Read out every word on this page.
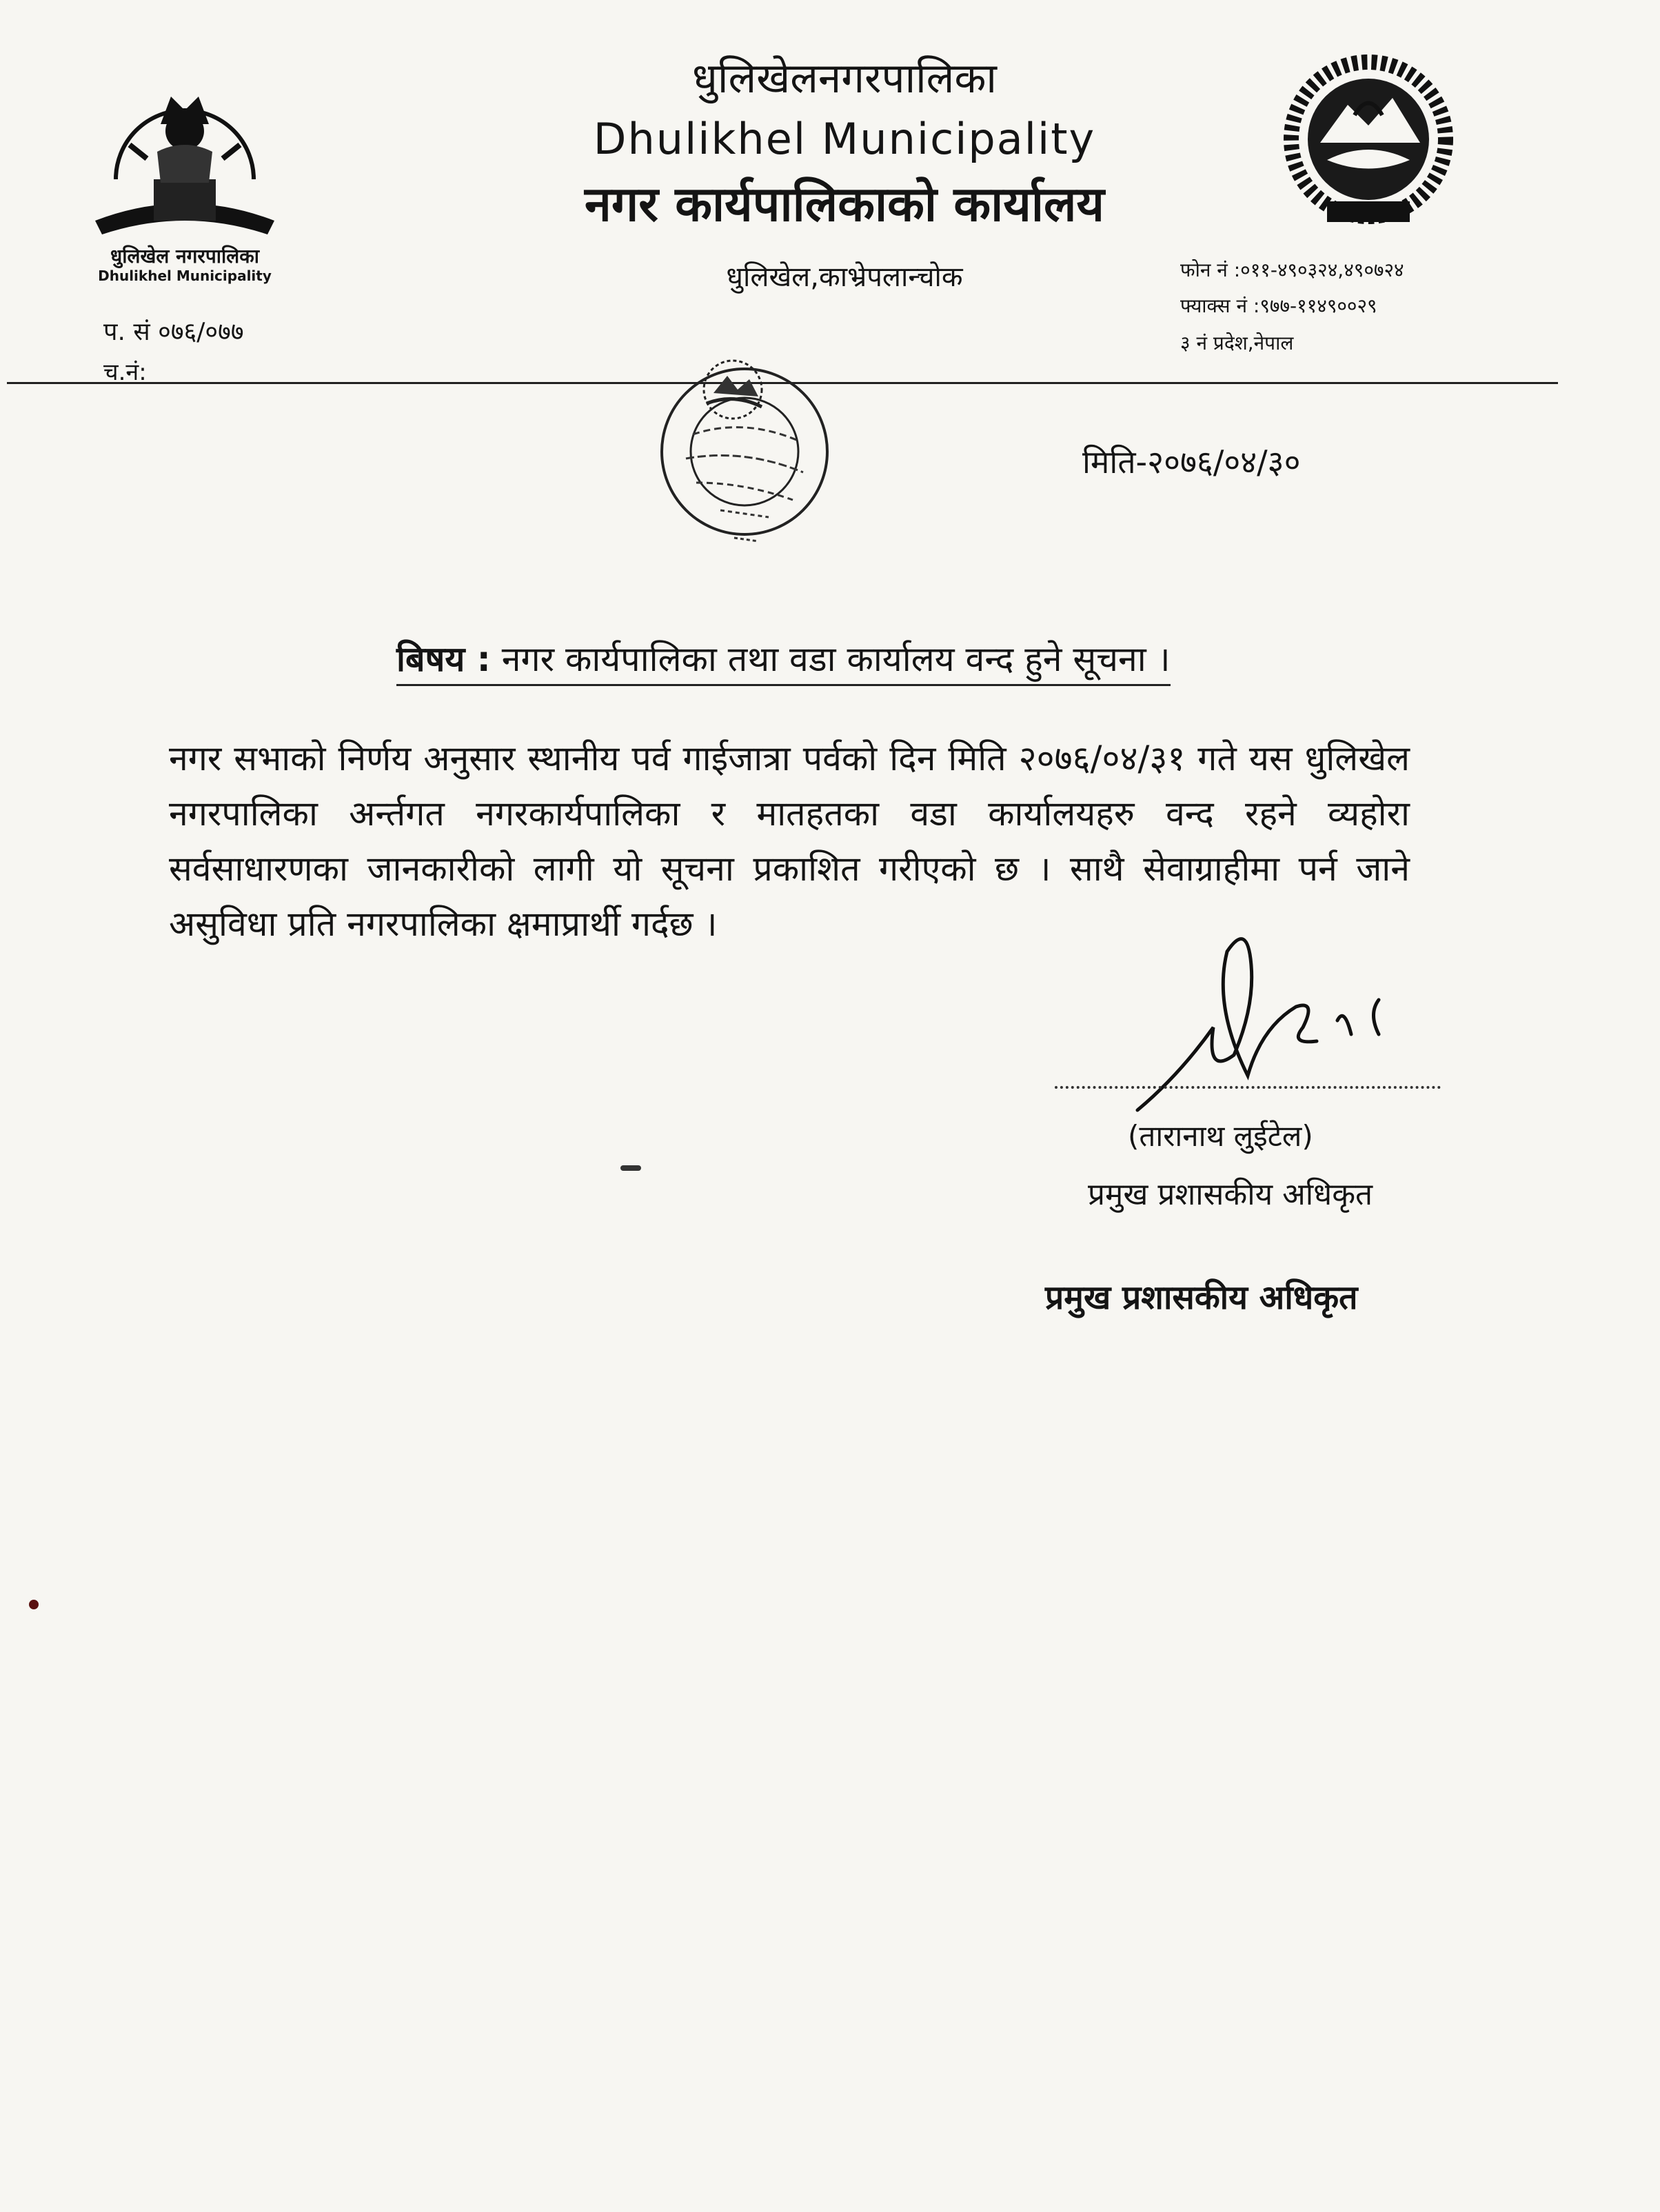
धुलिखेल नगरपालिका
Dhulikhel Municipality
धुलिखेलनगरपालिका
Dhulikhel Municipality
नगर कार्यपालिकाको कार्यालय
धुलिखेल,काभ्रेपलान्चोक	फोन नं :०११-४९०३२४,४९०७२४
फ्याक्स नं :९७७-११४९००२९
३ नं प्रदेश,नेपाल
प. सं ०७६/०७७
च.नं:
मिति-२०७६/०४/३०
बिषय : नगर कार्यपालिका तथा वडा कार्यालय वन्द हुने सूचना ।
नगर सभाको निर्णय अनुसार स्थानीय पर्व गाईजात्रा पर्वको दिन मिति २०७६/०४/३१ गते यस धुलिखेल नगरपालिका अर्न्तगत नगरकार्यपालिका र मातहतका वडा कार्यालयहरु वन्द रहने व्यहोरा सर्वसाधारणका जानकारीको लागी यो सूचना प्रकाशित गरीएको छ । साथै सेवाग्राहीमा पर्न जाने असुविधा प्रति नगरपालिका क्षमाप्रार्थी गर्दछ ।
(तारानाथ लुईटेल)
प्रमुख प्रशासकीय अधिकृत
प्रमुख प्रशासकीय अधिकृत
